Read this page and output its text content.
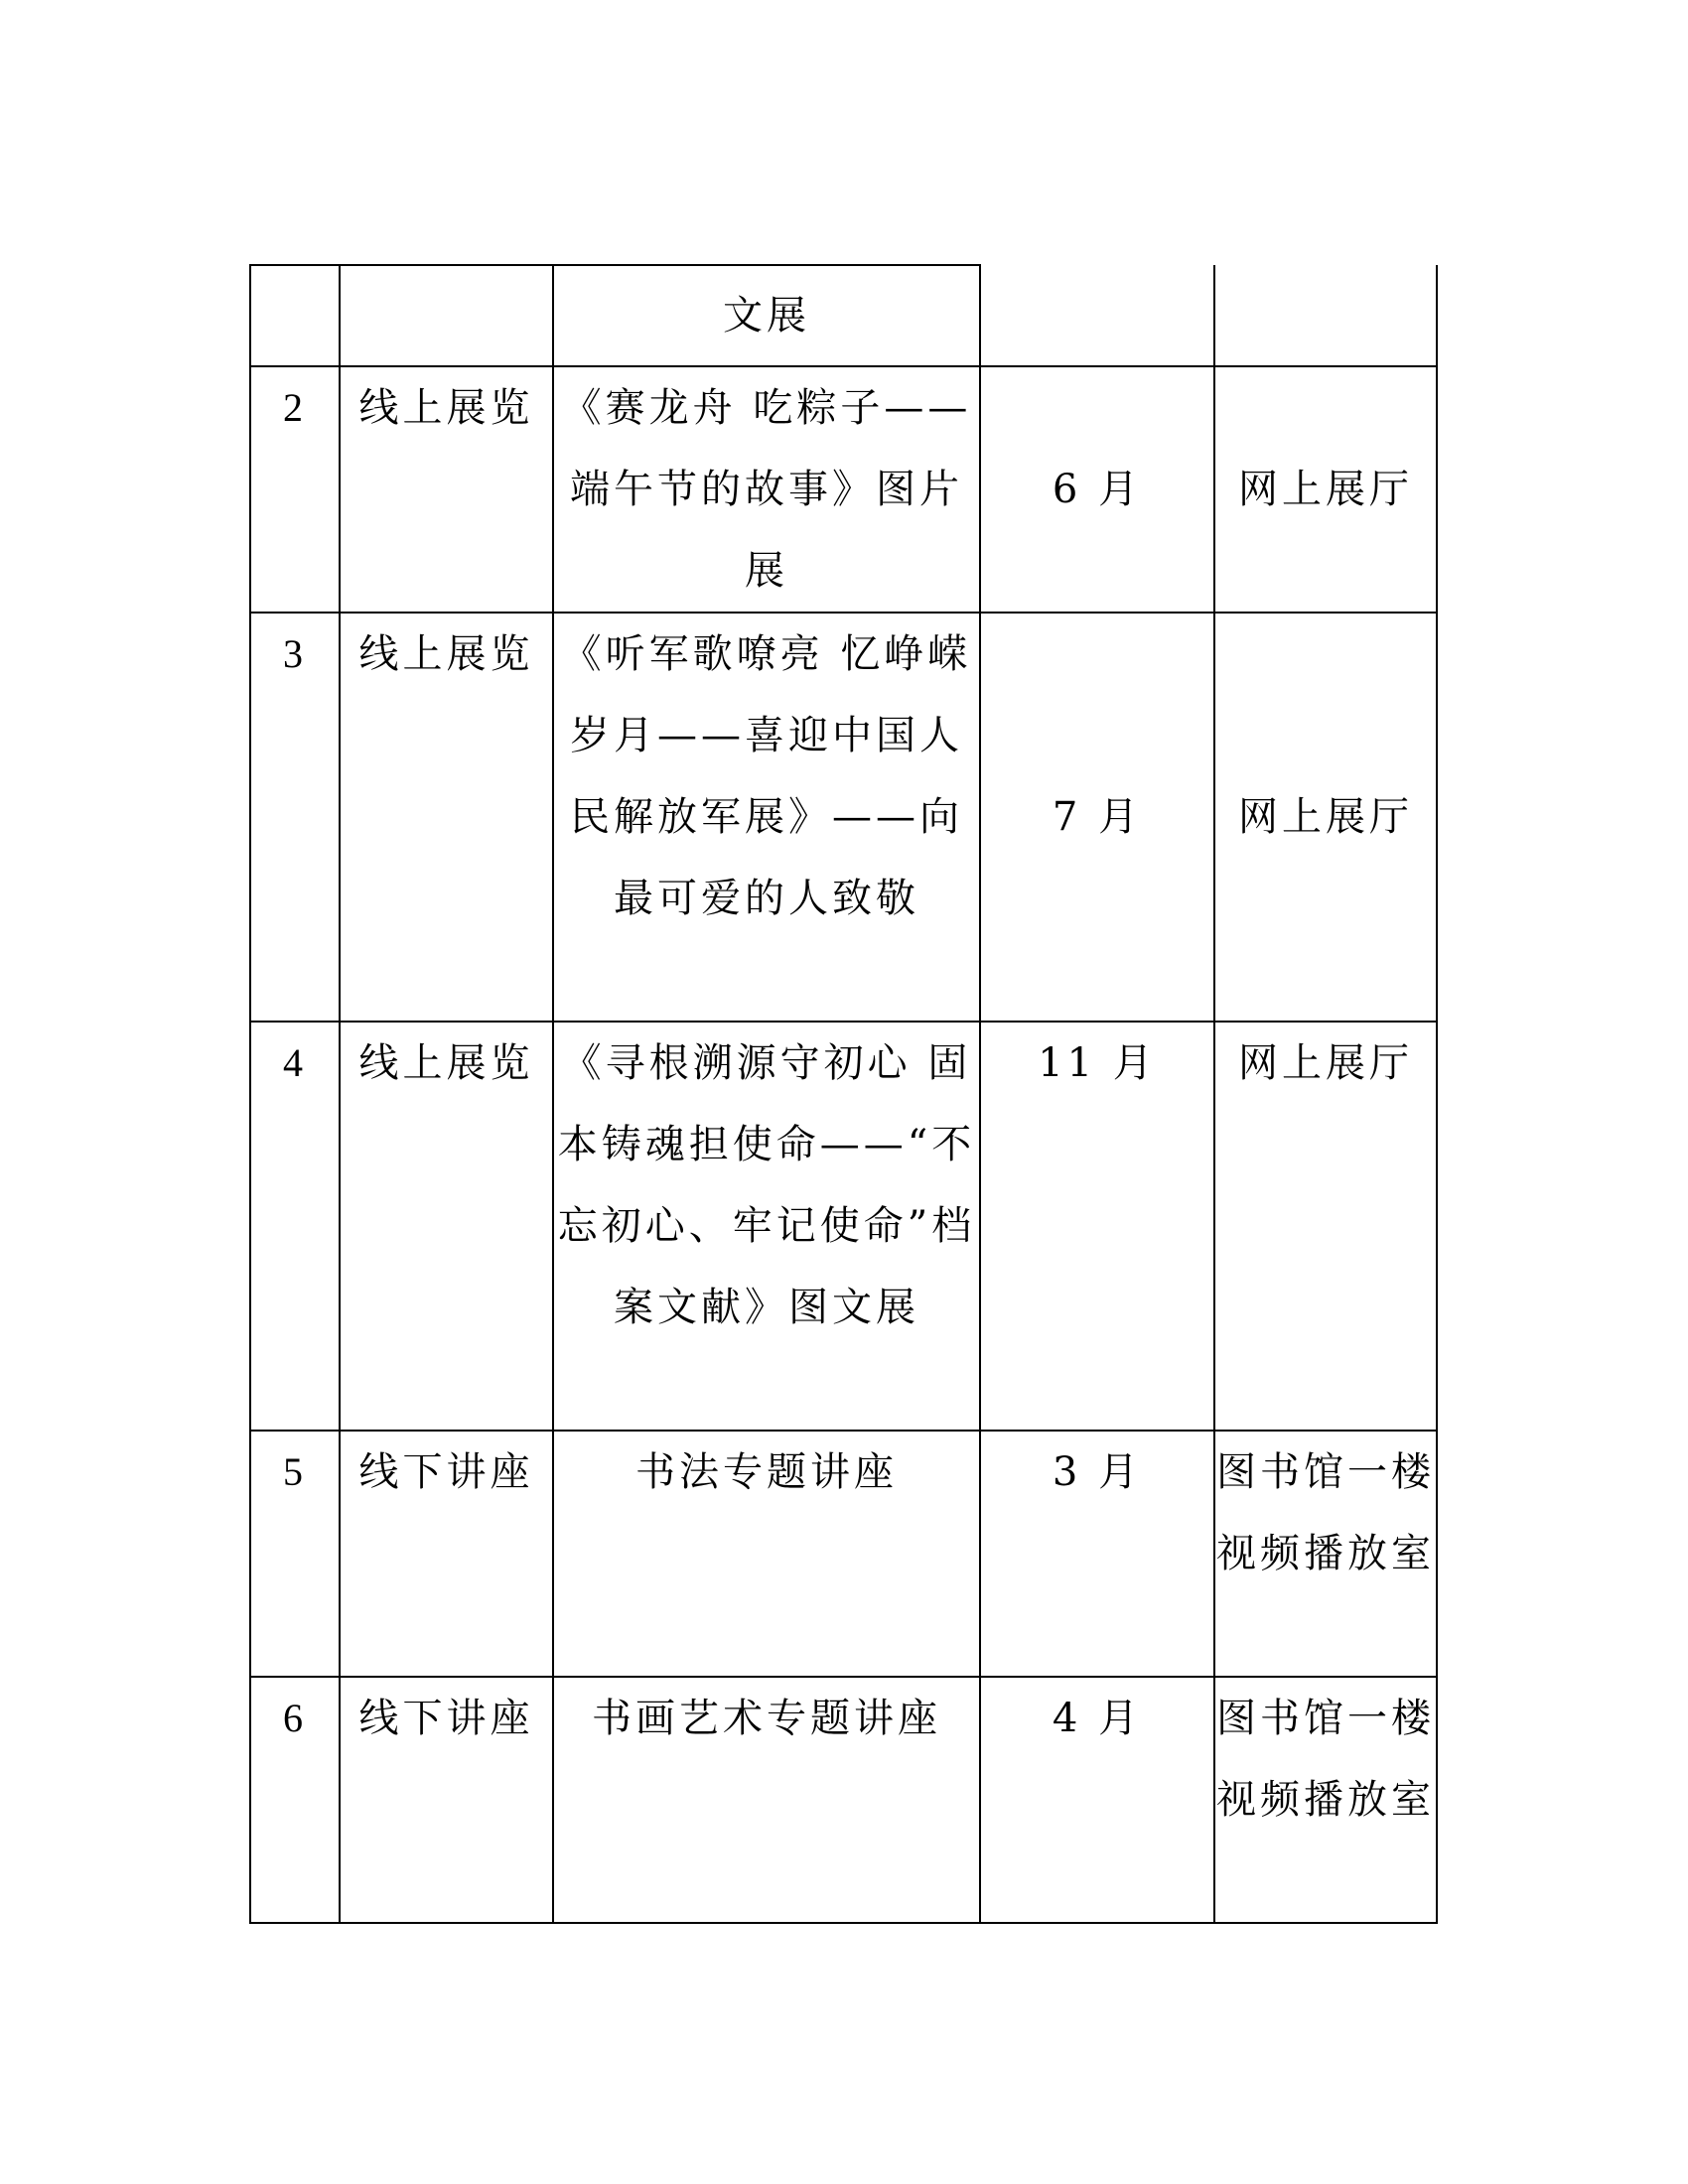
		文展		

2	线上展览	《赛龙舟 吃粽子——端午节的故事》图片展	6 月	网上展厅
3	线上展览	《听军歌嘹亮 忆峥嵘岁月——喜迎中国人民解放军展》——向最可爱的人致敬	7 月	网上展厅
4	线上展览	《寻根溯源守初心 固本铸魂担使命——“不忘初心、牢记使命”档案文献》图文展	11 月	网上展厅
5	线下讲座	书法专题讲座	3 月	图书馆一楼视频播放室
6	线下讲座	书画艺术专题讲座	4 月	图书馆一楼视频播放室
